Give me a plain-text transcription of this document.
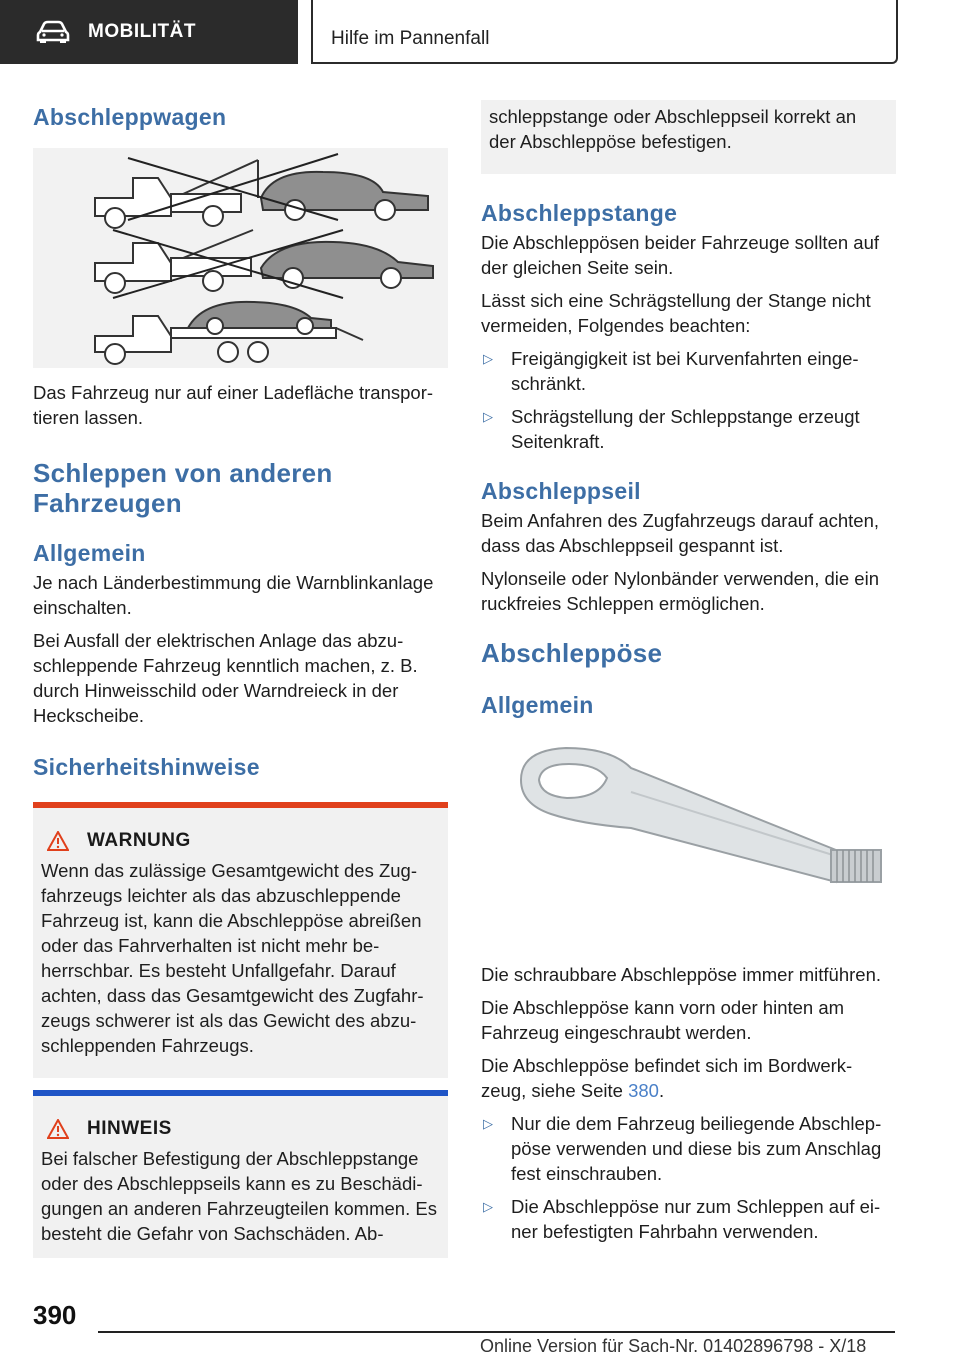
MOBILITÄT	Hilfe im Pannenfall
Abschleppwagen

Das Fahrzeug nur auf einer Ladefläche transpor-tieren lassen.

Schleppen von anderen Fahrzeugen
Allgemein

Je nach Länderbestimmung die Warnblinkanlage einschalten.

Bei Ausfall der elektrischen Anlage das abzu-schleppende Fahrzeug kenntlich machen, z. B. durch Hinweisschild oder Warndreieck in der Heckscheibe.

Sicherheitshinweise
WARNUNG

Wenn das zulässige Gesamtgewicht des Zug-fahrzeugs leichter als das abzuschleppende Fahrzeug ist, kann die Abschleppöse abreißen oder das Fahrverhalten ist nicht mehr be-herrschbar. Es besteht Unfallgefahr. Darauf achten, dass das Gesamtgewicht des Zugfahr-zeugs schwerer ist als das Gewicht des abzu-schleppenden Fahrzeugs.

HINWEIS

Bei falscher Befestigung der Abschleppstange oder des Abschleppseils kann es zu Beschädi-gungen an anderen Fahrzeugteilen kommen. Es besteht die Gefahr von Sachschäden. Ab-

schleppstange oder Abschleppseil korrekt an der Abschleppöse befestigen.

Abschleppstange

Die Abschleppösen beider Fahrzeuge sollten auf der gleichen Seite sein.

Lässt sich eine Schrägstellung der Stange nicht vermeiden, Folgendes beachten:

▷ Freigängigkeit ist bei Kurvenfahrten einge-schränkt.

▷ Schrägstellung der Schleppstange erzeugt Seitenkraft.

Abschleppseil

Beim Anfahren des Zugfahrzeugs darauf achten, dass das Abschleppseil gespannt ist.

Nylonseile oder Nylonbänder verwenden, die ein ruckfreies Schleppen ermöglichen.

Abschleppöse
Allgemein

Die schraubbare Abschleppöse immer mitführen.

Die Abschleppöse kann vorn oder hinten am Fahrzeug eingeschraubt werden.

Die Abschleppöse befindet sich im Bordwerk-zeug, siehe Seite 380.

▷ Nur die dem Fahrzeug beiliegende Abschlep-pöse verwenden und diese bis zum Anschlag fest einschrauben.

▷ Die Abschleppöse nur zum Schleppen auf ei-ner befestigten Fahrbahn verwenden.

390
Online Version für Sach-Nr. 01402896798 - X/18
